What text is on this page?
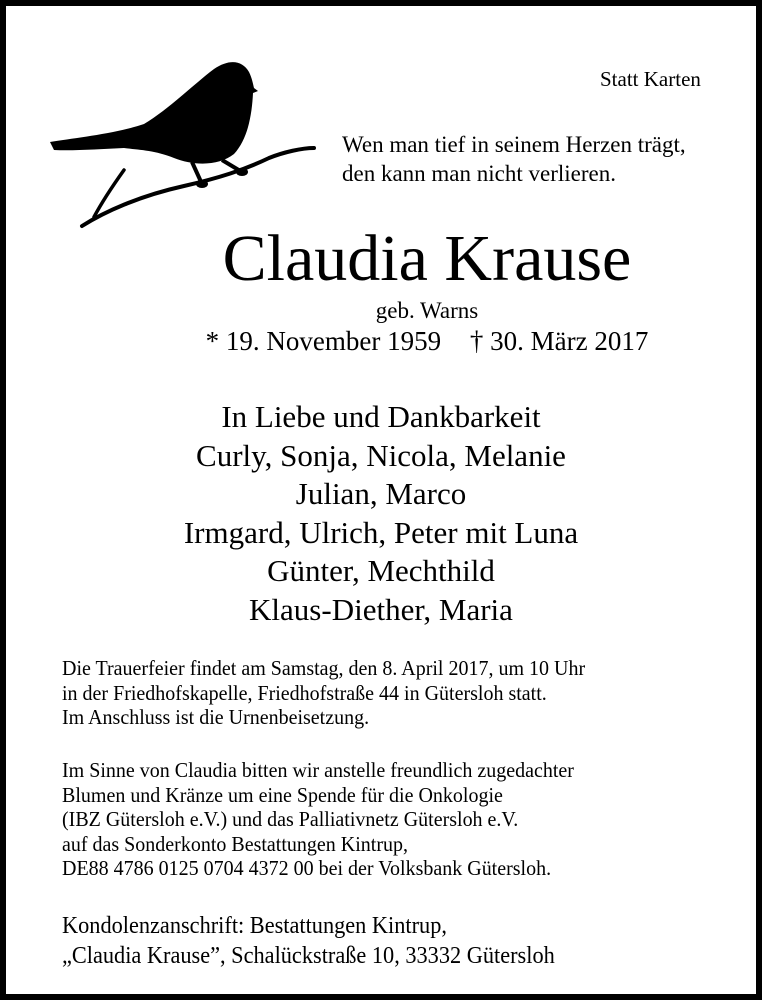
Statt Karten
Wen man tief in seinem Herzen trägt,
den kann man nicht verlieren.
Claudia Krause
geb. Warns
* 19. November 1959 † 30. März 2017
In Liebe und Dankbarkeit
Curly, Sonja, Nicola, Melanie
Julian, Marco
Irmgard, Ulrich, Peter mit Luna
Günter, Mechthild
Klaus-Diether, Maria
Die Trauerfeier findet am Samstag, den 8. April 2017, um 10 Uhr
in der Friedhofskapelle, Friedhofstraße 44 in Gütersloh statt.
Im Anschluss ist die Urnenbeisetzung.
Im Sinne von Claudia bitten wir anstelle freundlich zugedachter
Blumen und Kränze um eine Spende für die Onkologie
(IBZ Gütersloh e.V.) und das Palliativnetz Gütersloh e.V.
auf das Sonderkonto Bestattungen Kintrup,
DE88 4786 0125 0704 4372 00 bei der Volksbank Gütersloh.
Kondolenzanschrift: Bestattungen Kintrup,
„Claudia Krause”, Schalückstraße 10, 33332 Gütersloh
